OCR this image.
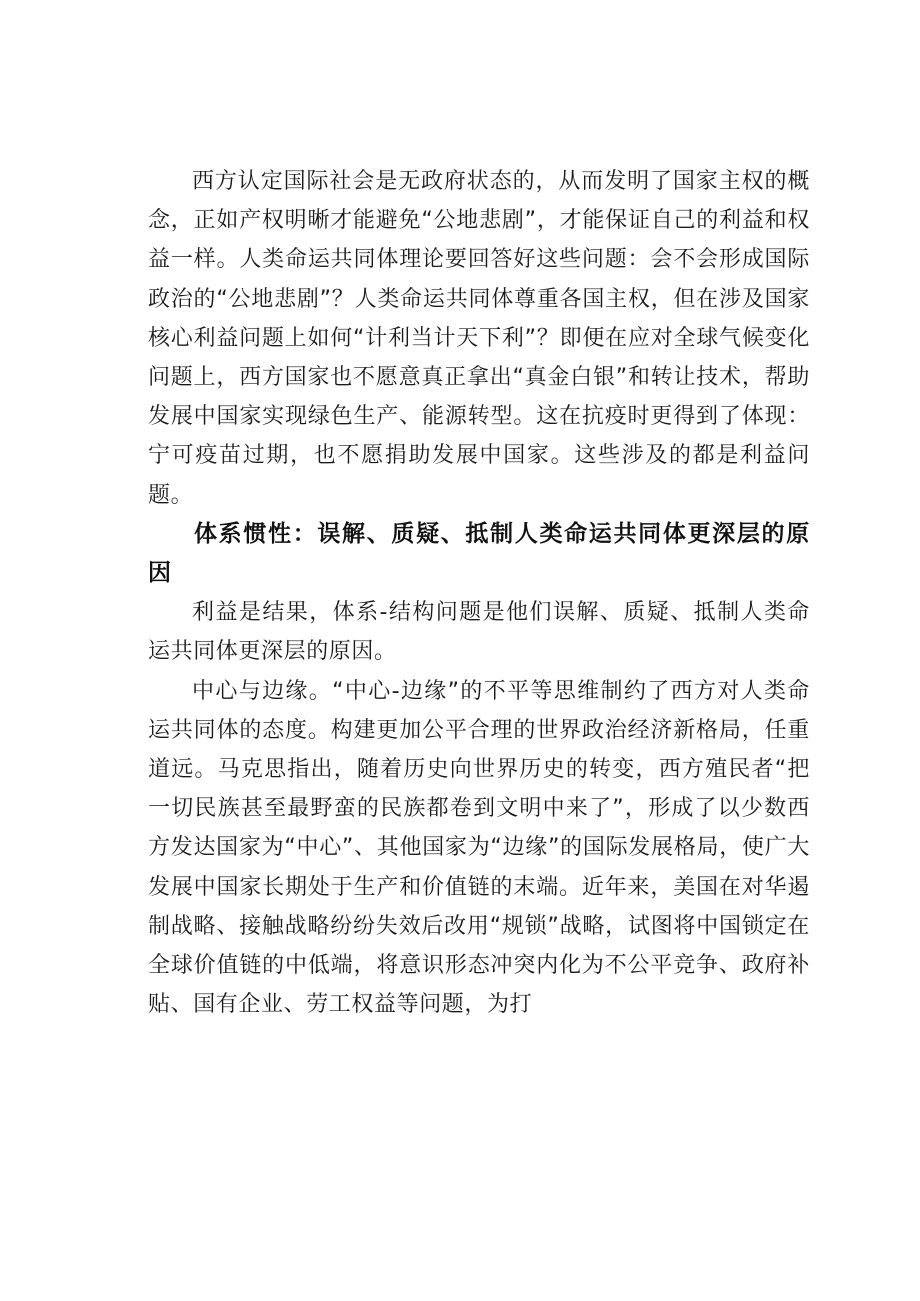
西方认定国际社会是无政府状态的，从而发明了国家主权的概念，正如产权明晰才能避免“公地悲剧”，才能保证自己的利益和权益一样。人类命运共同体理论要回答好这些问题：会不会形成国际政治的“公地悲剧”？人类命运共同体尊重各国主权，但在涉及国家核心利益问题上如何“计利当计天下利”？即便在应对全球气候变化问题上，西方国家也不愿意真正拿出“真金白银”和转让技术，帮助发展中国家实现绿色生产、能源转型。这在抗疫时更得到了体现：宁可疫苗过期，也不愿捐助发展中国家。这些涉及的都是利益问题。

体系惯性：误解、质疑、抵制人类命运共同体更深层的原因

利益是结果，体系-结构问题是他们误解、质疑、抵制人类命运共同体更深层的原因。

中心与边缘。“中心-边缘”的不平等思维制约了西方对人类命运共同体的态度。构建更加公平合理的世界政治经济新格局，任重道远。马克思指出，随着历史向世界历史的转变，西方殖民者“把一切民族甚至最野蛮的民族都卷到文明中来了”，形成了以少数西方发达国家为“中心”、其他国家为“边缘”的国际发展格局，使广大发展中国家长期处于生产和价值链的末端。近年来，美国在对华遏制战略、接触战略纷纷失效后改用“规锁”战略，试图将中国锁定在全球价值链的中低端，将意识形态冲突内化为不公平竞争、政府补贴、国有企业、劳工权益等问题，为打
